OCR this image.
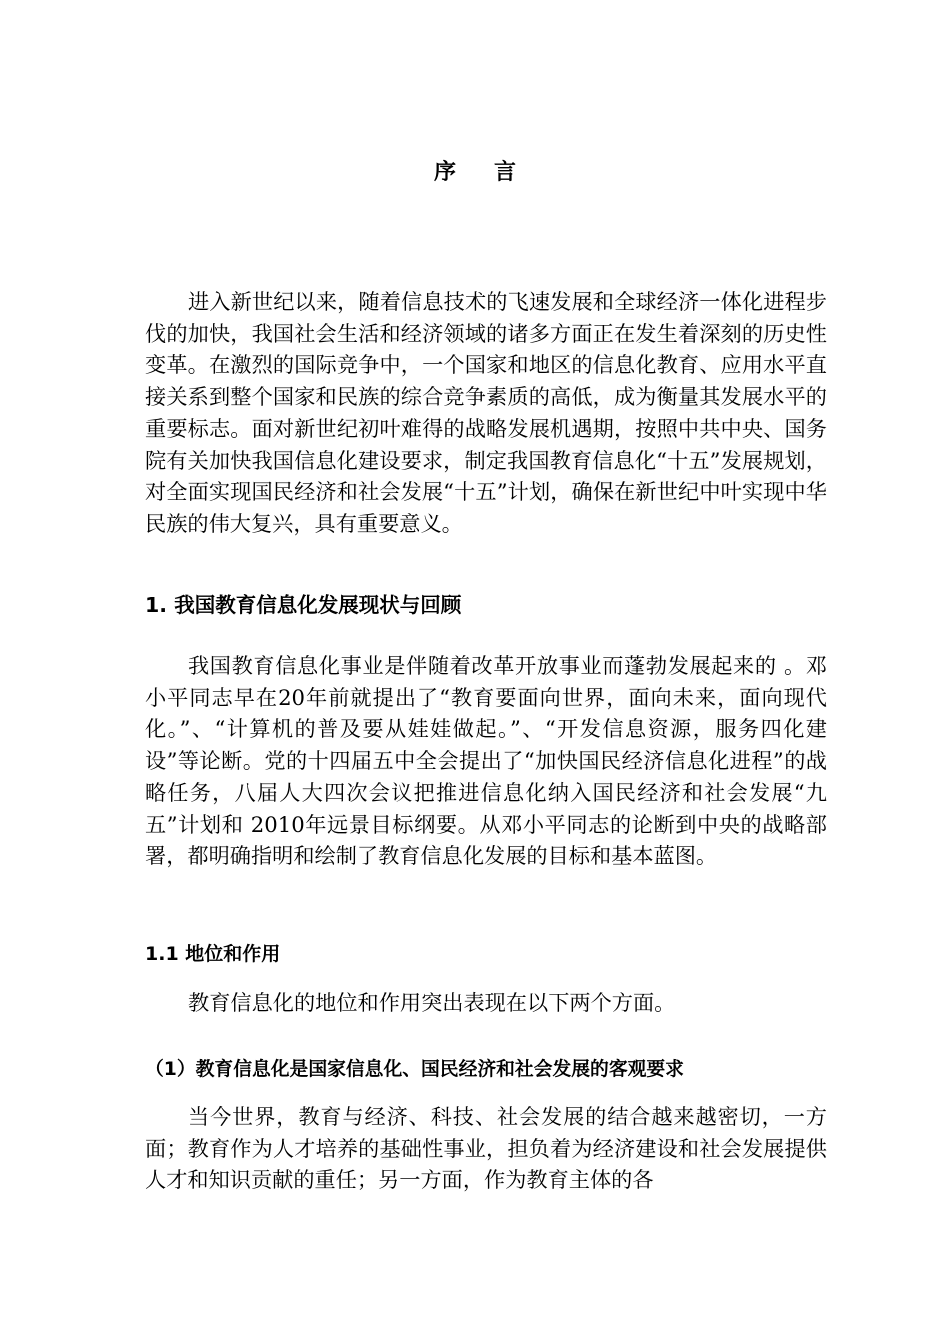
序言

进入新世纪以来，随着信息技术的飞速发展和全球经济一体化进程步伐的加快，我国社会生活和经济领域的诸多方面正在发生着深刻的历史性变革。在激烈的国际竞争中，一个国家和地区的信息化教育、应用水平直接关系到整个国家和民族的综合竞争素质的高低，成为衡量其发展水平的重要标志。面对新世纪初叶难得的战略发展机遇期，按照中共中央、国务院有关加快我国信息化建设要求，制定我国教育信息化“十五”发展规划，对全面实现国民经济和社会发展“十五”计划，确保在新世纪中叶实现中华民族的伟大复兴，具有重要意义。

1. 我国教育信息化发展现状与回顾

我国教育信息化事业是伴随着改革开放事业而蓬勃发展起来的 。邓小平同志早在20年前就提出了“教育要面向世界，面向未来，面向现代化。”、“计算机的普及要从娃娃做起。”、“开发信息资源，服务四化建设”等论断。党的十四届五中全会提出了“加快国民经济信息化进程”的战略任务，八届人大四次会议把推进信息化纳入国民经济和社会发展“九五”计划和 2010年远景目标纲要。从邓小平同志的论断到中央的战略部署，都明确指明和绘制了教育信息化发展的目标和基本蓝图。

1.1 地位和作用

教育信息化的地位和作用突出表现在以下两个方面。

（1）教育信息化是国家信息化、国民经济和社会发展的客观要求

当今世界，教育与经济、科技、社会发展的结合越来越密切，一方面；教育作为人才培养的基础性事业，担负着为经济建设和社会发展提供人才和知识贡献的重任；另一方面，作为教育主体的各
